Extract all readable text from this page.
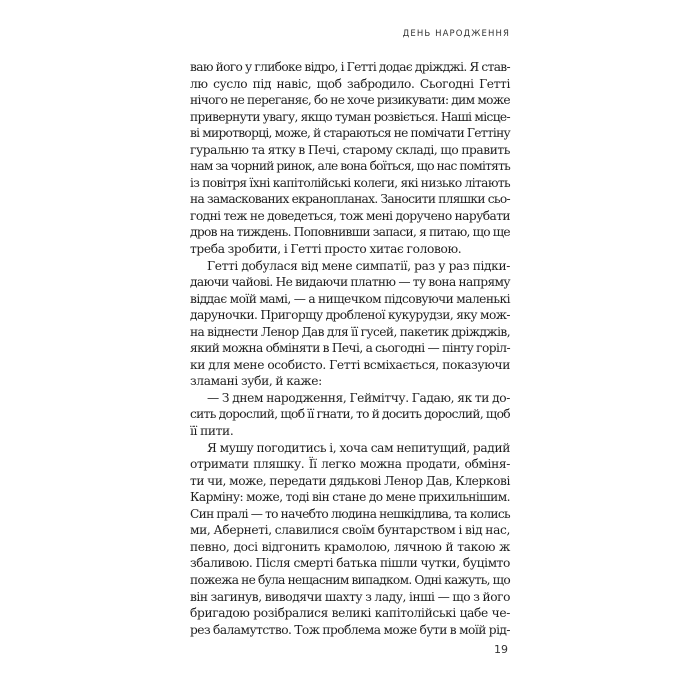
ДЕНЬ НАРОДЖЕННЯ
ваю його у глибоке відро, і Гетті додає дріжджі. Я став-
лю сусло під навіс, щоб забродило. Сьогодні Гетті
нічого не переганяє, бо не хоче ризикувати: дим може
привернути увагу, якщо туман розвіється. Наші місце-
ві миротворці, може, й стараються не помічати Геттіну
гуральню та ятку в Печі, старому складі, що править
нам за чорний ринок, але вона боїться, що нас помітять
із повітря їхні капітолійські колеги, які низько літають
на замаскованих екранопланах. Заносити пляшки сьо-
годні теж не доведеться, тож мені доручено нарубати
дров на тиждень. Поповнивши запаси, я питаю, що ще
треба зробити, і Гетті просто хитає головою.
Гетті добулася від мене симпатії, раз у раз підки-
даючи чайові. Не видаючи платню — ту вона напряму
віддає моїй мамі, — а нищечком підсовуючи маленькі
даруночки. Пригорщу дробленої кукурудзи, яку мож-
на віднести Ленор Дав для її гусей, пакетик дріжджів,
який можна обміняти в Печі, а сьогодні — пінту горіл-
ки для мене особисто. Гетті всміхається, показуючи
зламані зуби, й каже:
— З днем народження, Геймітчу. Гадаю, як ти до-
сить дорослий, щоб її гнати, то й досить дорослий, щоб
її пити.
Я мушу погодитись і, хоча сам непитущий, радий
отримати пляшку. Її легко можна продати, обміня-
ти чи, може, передати дядькові Ленор Дав, Клеркові
Карміну: може, тоді він стане до мене прихильнішим.
Син пралі — то начебто людина нешкідлива, та колись
ми, Абернеті, славилися своїм бунтарством і від нас,
певно, досі відгонить крамолою, лячною й такою ж
збаливою. Після смерті батька пішли чутки, буцімто
пожежа не була нещасним випадком. Одні кажуть, що
він загинув, виводячи шахту з ладу, інші — що з його
бригадою розібралися великі капітолійські цабе че-
рез баламутство. Тож проблема може бути в моїй рід-
19
